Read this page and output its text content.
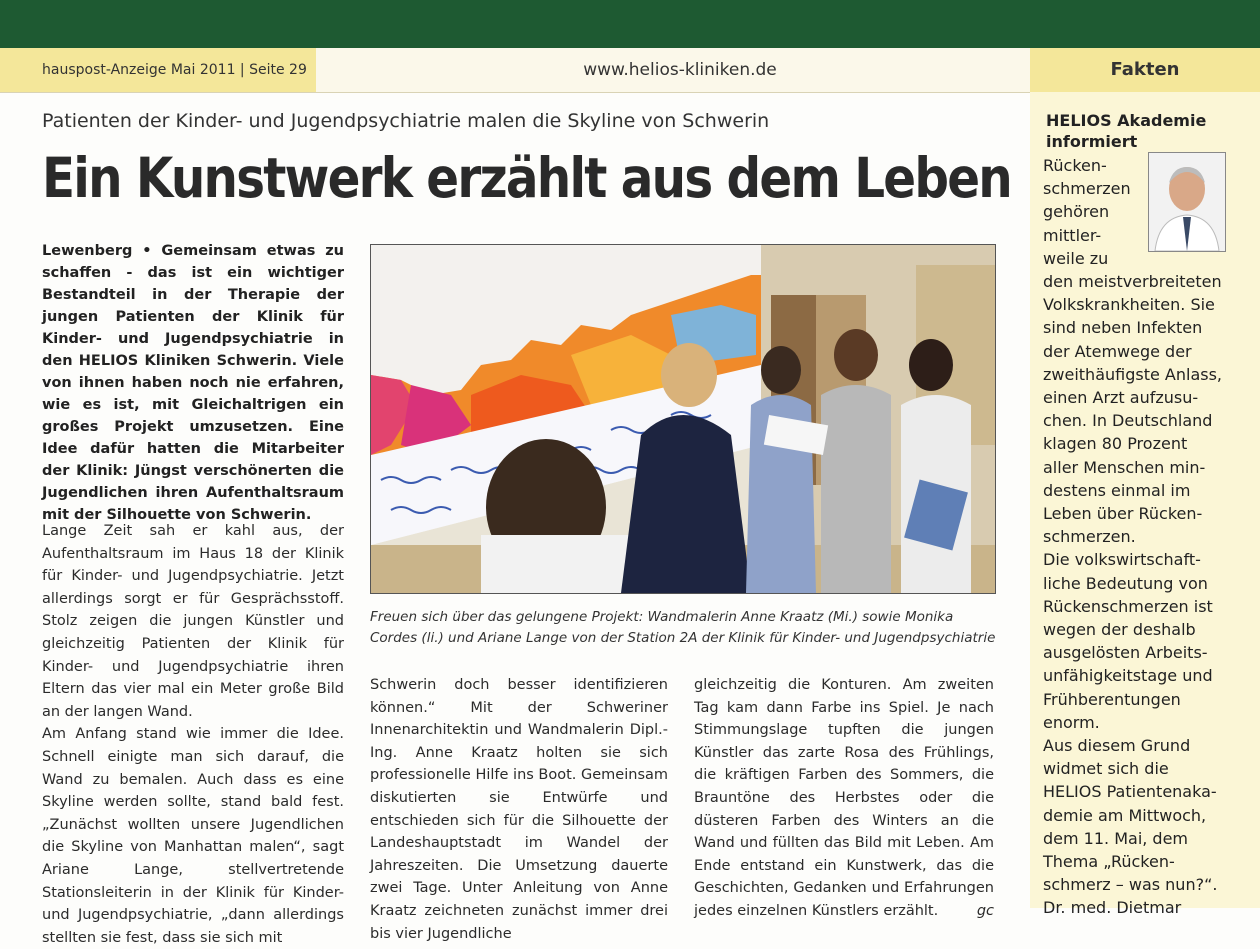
hauspost-Anzeige Mai 2011 | Seite 29	www.helios-kliniken.de	Fakten
Patienten der Kinder- und Jugendpsychiatrie malen die Skyline von Schwerin
Ein Kunstwerk erzählt aus dem Leben
Lewenberg • Gemeinsam etwas zu schaffen - das ist ein wichtiger Bestandteil in der Therapie der jungen Patienten der Klinik für Kinder- und Jugendpsychiatrie in den HELIOS Kliniken Schwerin. Viele von ihnen haben noch nie erfahren, wie es ist, mit Gleichaltrigen ein großes Projekt umzusetzen. Eine Idee dafür hatten die Mitarbeiter der Klinik: Jüngst verschönerten die Jugendlichen ihren Aufenthaltsraum mit der Silhouette von Schwerin.
Lange Zeit sah er kahl aus, der Aufenthaltsraum im Haus 18 der Klinik für Kinder- und Jugendpsychiatrie. Jetzt allerdings sorgt er für Gesprächsstoff. Stolz zeigen die jungen Künstler und gleichzeitig Patienten der Klinik für Kinder- und Jugendpsychiatrie ihren Eltern das vier mal ein Meter große Bild an der langen Wand.
Am Anfang stand wie immer die Idee. Schnell einigte man sich darauf, die Wand zu bemalen. Auch dass es eine Skyline werden sollte, stand bald fest. „Zunächst wollten unsere Jugendlichen die Skyline von Manhattan malen“, sagt Ariane Lange, stellvertretende Stationsleiterin in der Klinik für Kinder- und Jugendpsychiatrie, „dann allerdings stellten sie fest, dass sie sich mit
Freuen sich über das gelungene Projekt: Wandmalerin Anne Kraatz (Mi.) sowie Monika Cordes (li.) und Ariane Lange von der Station 2A der Klinik für Kinder- und Jugendpsychiatrie
Schwerin doch besser identifizieren können.“ Mit der Schweriner Innenarchitektin und Wandmalerin Dipl.-Ing. Anne Kraatz holten sie sich professionelle Hilfe ins Boot. Gemeinsam diskutierten sie Entwürfe und entschieden sich für die Silhouette der Landeshauptstadt im Wandel der Jahreszeiten. Die Umsetzung dauerte zwei Tage. Unter Anleitung von Anne Kraatz zeichneten zunächst immer drei bis vier Jugendliche
gleichzeitig die Konturen. Am zweiten Tag kam dann Farbe ins Spiel. Je nach Stimmungslage tupften die jungen Künstler das zarte Rosa des Frühlings, die kräftigen Farben des Sommers, die Brauntöne des Herbstes oder die düsteren Farben des Winters an die Wand und füllten das Bild mit Leben. Am Ende entstand ein Kunstwerk, das die Geschichten, Gedanken und Erfahrungen jedes einzelnen Künstlers erzählt.	gc
HELIOS Akademie informiert
Rücken-
schmerzen
gehören
mittler-
weile zu
den meistverbreiteten
Volkskrankheiten. Sie
sind neben Infekten
der Atemwege der
zweithäufigste Anlass,
einen Arzt aufzusu-
chen. In Deutschland
klagen 80 Prozent
aller Menschen min-
destens einmal im
Leben über Rücken-
schmerzen.
Die volkswirtschaft-
liche Bedeutung von
Rückenschmerzen ist
wegen der deshalb
ausgelösten Arbeits-
unfähigkeitstage und
Frühberentungen
enorm.
Aus diesem Grund
widmet sich die
HELIOS Patientenaka-
demie am Mittwoch,
dem 11. Mai, dem
Thema „Rücken-
schmerz – was nun?“.
Dr. med. Dietmar
